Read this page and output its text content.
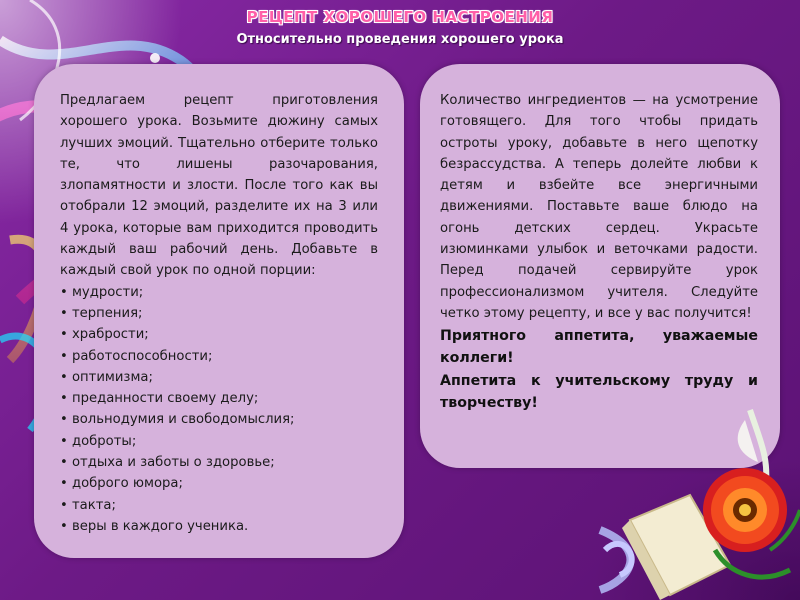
РЕЦЕПТ ХОРОШЕГО НАСТРОЕНИЯ
Относительно проведения хорошего урока

Предлагаем рецепт приготовления хорошего урока. Возьмите дюжину самых лучших эмоций. Тщательно отберите только те, что лишены разочарования, злопамятности и злости. После того как вы отобрали 12 эмоций, разделите их на 3 или 4 урока, которые вам приходится проводить каждый ваш рабочий день. Добавьте в каждый свой урок по одной порции:

• мудрости;
• терпения;
• храбрости;
• работоспособности;
• оптимизма;
• преданности своему делу;
• вольнодумия и свободомыслия;
• доброты;
• отдыха и заботы о здоровье;
• доброго юмора;
• такта;
• веры в каждого ученика.

Количество ингредиентов — на усмотрение готовящего. Для того чтобы придать остроты уроку, добавьте в него щепотку безрассудства. А теперь долейте любви к детям и взбейте все энергичными движениями. Поставьте ваше блюдо на огонь детских сердец. Украсьте изюминками улыбок и веточками радости. Перед подачей сервируйте урок профессионализмом учителя. Следуйте четко этому рецепту, и все у вас получится!

Приятного аппетита, уважаемые коллеги!
Аппетита к учительскому труду и творчеству!
